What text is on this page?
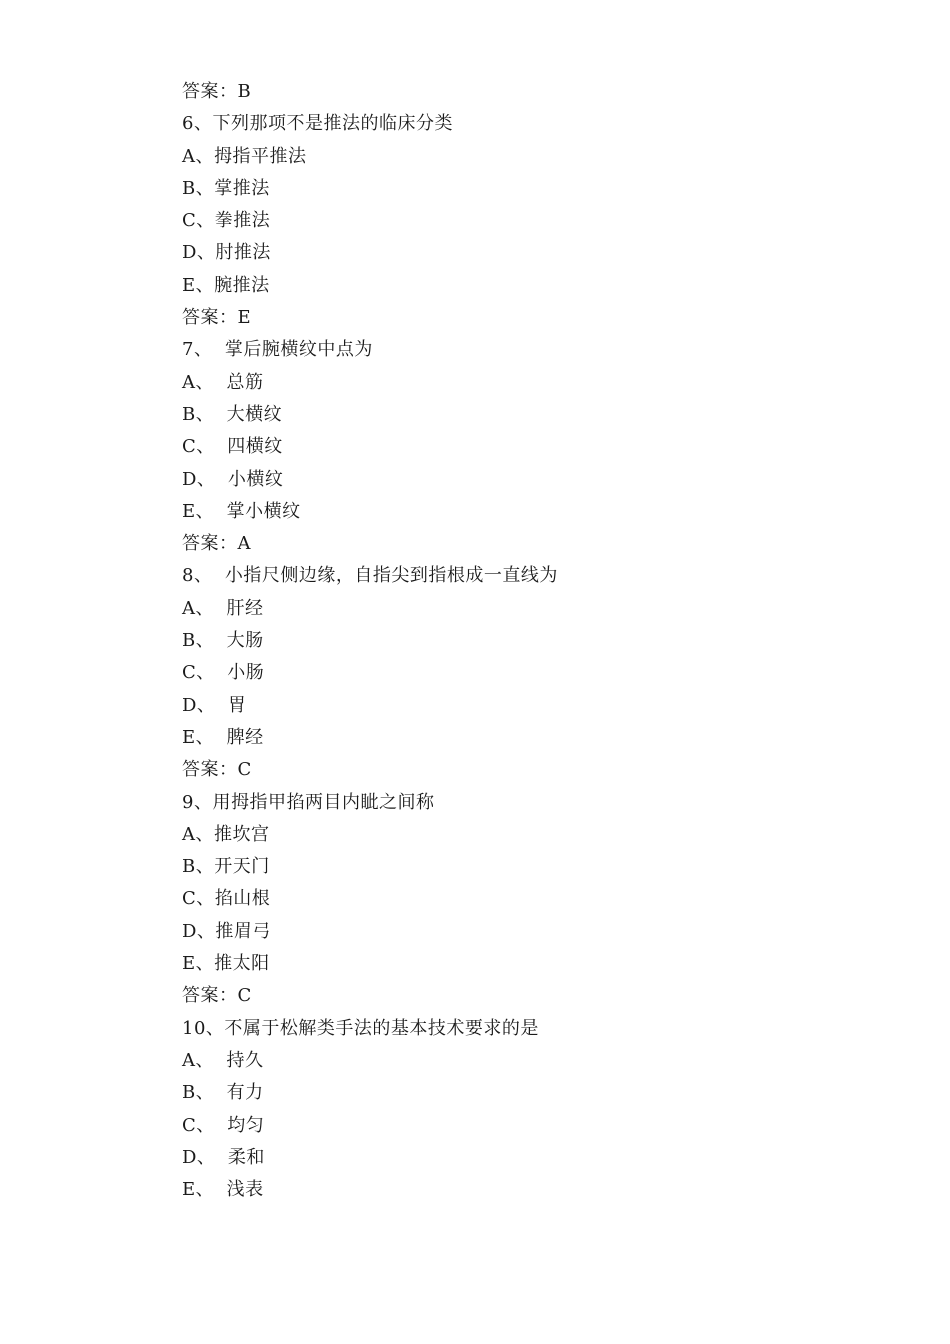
答案：B
6、下列那项不是推法的临床分类
A、拇指平推法
B、掌推法
C、拳推法
D、肘推法
E、腕推法
答案：E
7、  掌后腕横纹中点为
A、  总筋
B、  大横纹
C、  四横纹
D、  小横纹
E、  掌小横纹
答案：A
8、  小指尺侧边缘，自指尖到指根成一直线为
A、  肝经
B、  大肠
C、  小肠
D、  胃
E、  脾经
答案：C
9、用拇指甲掐两目内眦之间称
A、推坎宫
B、开天门
C、掐山根
D、推眉弓
E、推太阳
答案：C
10、不属于松解类手法的基本技术要求的是
A、  持久
B、  有力
C、  均匀
D、  柔和
E、  浅表
